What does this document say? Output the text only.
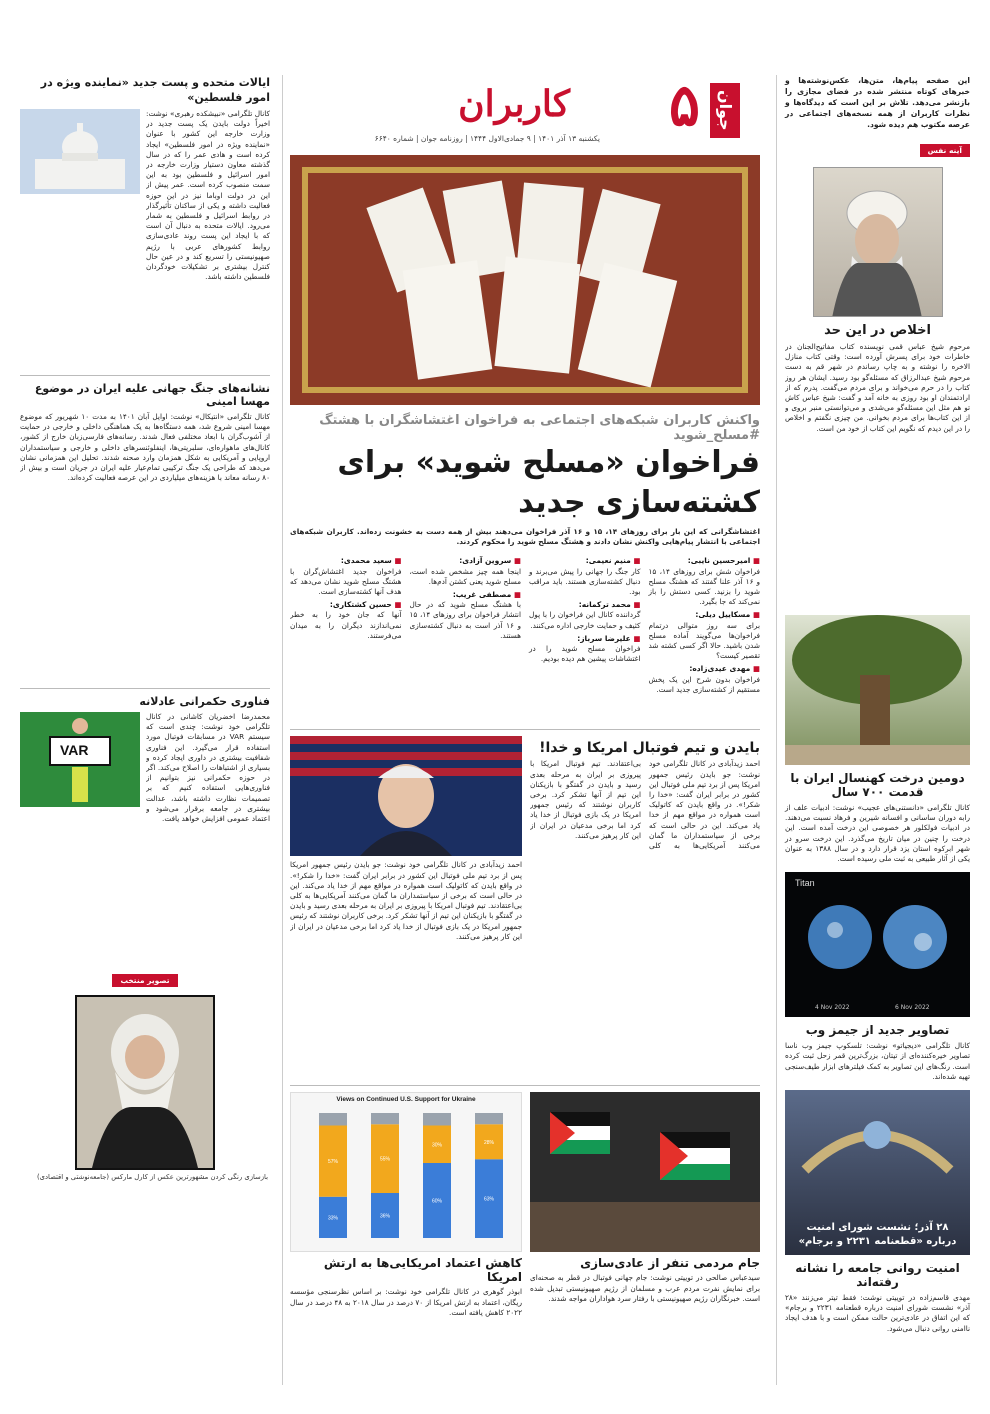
این صفحه پیام‌ها، متن‌ها، عکس‌نوشته‌ها و خبرهای کوتاه منتشر شده در فضای مجازی را بازنشر می‌دهد. تلاش بر این است که دیدگاه‌ها و نظرات کاربران از همه نسخه‌های اجتماعی در عرصه مکتوب هم دیده شود.

آینه نفس
اخلاص در این حد

مرحوم شیخ عباس قمی نویسنده کتاب مفاتیح‌الجنان در خاطرات خود برای پسرش آورده است: وقتی کتاب منازل الاخره را نوشته و به چاپ رساندم در شهر قم به دست مرحوم شیخ عبدالرزاق که مسئله‌گو بود رسید. ایشان هر روز کتاب را در حرم می‌خواند و برای مردم می‌گفت. پدرم که از ارادتمندان او بود روزی به خانه آمد و گفت: شیخ عباس کاش تو هم مثل این مسئله‌گو می‌شدی و می‌توانستی منبر بروی و از این کتاب‌ها برای مردم بخوانی. من چیزی نگفتم و اخلاص را در این دیدم که نگویم این کتاب از خود من است.

دومین درخت کهنسال ایران با قدمت ۷۰۰ سال

کانال تلگرامی «دانستنی‌های عجیب» نوشت: ادبیات علف از رابه دوران ساسانی و افسانه شیرین و فرهاد نسبت می‌دهند. در ادبیات فولکلور هر خصوصی این درخت آمده است. این درخت را چنین در میان تاریخ می‌گذرد. این درخت سرو در شهر ابرکوه استان یزد قرار دارد و در سال ۱۳۸۸ به عنوان یکی از آثار طبیعی به ثبت ملی رسیده است.

Titan
4 Nov 2022	6 Nov 2022
تصاویر جدید از جیمز وب

کانال تلگرامی «دیجیاتو» نوشت: تلسکوپ جیمز وب ناسا تصاویر خیره‌کننده‌ای از تیتان، بزرگ‌ترین قمر زحل ثبت کرده است. رنگ‌های این تصاویر به کمک فیلترهای ابزار طیف‌سنجی تهیه شده‌اند.

۲۸ آذر؛ نشست شورای امنیت درباره «قطعنامه ۲۲۳۱ و برجام»
امنیت روانی جامعه را نشانه رفته‌اند

مهدی قاسم‌زاده در توییتی نوشت: فقط تیتر می‌زنند «۲۸ آذر» نشست شورای امنیت درباره قطعنامه ۲۲۳۱ و برجام» که این اتفاق در عادی‌ترین حالت ممکن است و با هدف ایجاد ناامنی روانی دنبال می‌شود.

جوان
۵
کاربران
یکشنبه ۱۳ آذر ۱۴۰۱ | ۹ جمادی‌الاول ۱۴۴۴ | روزنامه جوان | شماره ۶۶۴۰
واکنش کاربران شبکه‌های اجتماعی به فراخوان اغتشاشگران با هشتگ #مسلح_شوید
فراخوان «مسلح شوید» برای کشته‌سازی جدید

اغتشاشگرانی که این بار برای روزهای ۱۴، ۱۵ و ۱۶ آذر فراخوان می‌دهند بیش از همه دست به خشونت زده‌اند. کاربران شبکه‌های اجتماعی با انتشار پیام‌هایی واکنش نشان دادند و هشتگ مسلح شوید را محکوم کردند.

■ امیرحسین نایبی:
فراخوان شش برای روزهای ۱۴، ۱۵ و ۱۶ آذر علنا گفتند که هشتگ مسلح شوید را بزنید. کسی دستش را باز نمی‌کند که جا بگیرد.
■ مسکاییل دیلی:
برای سه روز متوالی درتمام فراخوان‌ها می‌گویند آماده مسلح شدن باشید. حالا اگر کسی کشته شد تقصیر کیست؟
■ مهدی عیدی‌زاده:
فراخوان بدون شرح این یک پخش مستقیم از کشته‌سازی جدید است.
■ منیم نعیمی:
کار جنگ را جهانی را پیش می‌برند و دنبال کشته‌سازی هستند. باید مراقب بود.
■ محمد ترکمانه:
گرداننده کانال این فراخوان را با پول کثیف و حمایت خارجی اداره می‌کنند.
■ علیرضا سرباز:
فراخوان مسلح شوید را در اغتشاشات پیشین هم دیده بودیم.
■ سروین آزادی:
اینجا همه چیز مشخص شده است، مسلح شوید یعنی کشتن آدم‌ها.
■ مصطفی غریب:
با هشتگ مسلح شوید که در حال انتشار فراخوان برای روزهای ۱۴، ۱۵ و ۱۶ آذر است به دنبال کشته‌سازی هستند.
■ سعید محمدی:
فراخوان جدید اغتشاش‌گران با هشتگ مسلح شوید نشان می‌دهد که هدف آنها کشته‌سازی است.
■ حسین کشتکاری:
آنها که جان خود را به خطر نمی‌اندازند دیگران را به میدان می‌فرستند.
بایدن و تیم فوتبال امریکا و خدا!

احمد زیدآبادی در کانال تلگرامی خود نوشت: جو بایدن رئیس جمهور امریکا پس از برد تیم ملی فوتبال این کشور در برابر ایران گفت: «خدا را شکر!». در واقع بایدن که کاتولیک است همواره در مواقع مهم از خدا یاد می‌کند. این در حالی است که برخی از سیاستمداران ما گمان می‌کنند آمریکایی‌ها به کلی بی‌اعتقادند. تیم فوتبال امریکا با پیروزی بر ایران به مرحله بعدی رسید و بایدن در گفتگو با بازیکنان این تیم از آنها تشکر کرد. برخی کاربران نوشتند که رئیس جمهور امریکا در یک بازی فوتبال از خدا یاد کرد اما برخی مدعیان در ایران از این کار پرهیز می‌کنند.

احمد زیدآبادی در کانال تلگرامی خود نوشت: جو بایدن رئیس جمهور امریکا پس از برد تیم ملی فوتبال این کشور در برابر ایران گفت: «خدا را شکر!». در واقع بایدن که کاتولیک است همواره در مواقع مهم از خدا یاد می‌کند. این در حالی است که برخی از سیاستمداران ما گمان می‌کنند آمریکایی‌ها به کلی بی‌اعتقادند. تیم فوتبال امریکا با پیروزی بر ایران به مرحله بعدی رسید و بایدن در گفتگو با بازیکنان این تیم از آنها تشکر کرد. برخی کاربران نوشتند که رئیس جمهور امریکا در یک بازی فوتبال از خدا یاد کرد اما برخی مدعیان در ایران از این کار پرهیز می‌کنند.

جام مردمی تنفر از عادی‌سازی

سیدعباس صالحی در توییتی نوشت: جام جهانی فوتبال در قطر به صحنه‌ای برای نمایش نفرت مردم عرب و مسلمان از رژیم صهیونیستی تبدیل شده است. خبرنگاران رژیم صهیونیستی با رفتار سرد هواداران مواجه شدند.

Views on Continued U.S. Support for Ukraine
33%
57%
36%
55%
60%
30%
63%
28%
کاهش اعتماد امریکایی‌ها به ارتش امریکا

ابوذر گوهری در کانال تلگرامی خود نوشت: بر اساس نظرسنجی مؤسسه ریگان، اعتماد به ارتش امریکا از ۷۰ درصد در سال ۲۰۱۸ به ۴۸ درصد در سال ۲۰۲۲ کاهش یافته است.

ایالات متحده و پست جدید «نماینده ویژه در امور فلسطین»

کانال تلگرامی «نبیشکده رهبری» نوشت: اخیراً دولت بایدن یک پست جدید در وزارت خارجه این کشور با عنوان «نماینده ویژه در امور فلسطین» ایجاد کرده است و هادی عمر را که در سال گذشته معاون دستیار وزارت خارجه در امور اسرائیل و فلسطین بود به این سمت منصوب کرده است. عمر پیش از این در دولت اوباما نیز در این حوزه فعالیت داشته و یکی از ساکنان تأثیرگذار در روابط اسرائیل و فلسطین به شمار می‌رود. ایالات متحده به دنبال آن است که با ایجاد این پست روند عادی‌سازی روابط کشورهای عربی با رژیم صهیونیستی را تسریع کند و در عین حال کنترل بیشتری بر تشکیلات خودگردان فلسطین داشته باشد.

نشانه‌های جنگ جهانی علیه ایران در موضوع مهسا امینی

کانال تلگرامی «انتیکال» نوشت: اوایل آبان ۱۴۰۱ به مدت ۱۰ شهریور که موضوع مهسا امینی شروع شد، همه دستگاه‌ها به یک هماهنگی داخلی و خارجی در حمایت از آشوب‌گران با ابعاد مختلفی فعال شدند. رسانه‌های فارسی‌زبان خارج از کشور، کانال‌های ماهواره‌ای، سلبریتی‌ها، اینفلوئنسرهای داخلی و خارجی و سیاستمداران اروپایی و آمریکایی به شکل همزمان وارد صحنه شدند. تحلیل این همزمانی نشان می‌دهد که طراحی یک جنگ ترکیبی تمام‌عیار علیه ایران در جریان است و بیش از ۸۰ رسانه معاند با هزینه‌های میلیاردی در این عرصه فعالیت کرده‌اند.

فناوری حکمرانی عادلانه
VAR

محمدرضا اخضریان کاشانی در کانال تلگرامی خود نوشت: چندی است که سیستم VAR در مسابقات فوتبال مورد استفاده قرار می‌گیرد. این فناوری شفافیت بیشتری در داوری ایجاد کرده و بسیاری از اشتباهات را اصلاح می‌کند. اگر در حوزه حکمرانی نیز بتوانیم از فناوری‌هایی استفاده کنیم که بر تصمیمات نظارت داشته باشد، عدالت بیشتری در جامعه برقرار می‌شود و اعتماد عمومی افزایش خواهد یافت.

تصویر منتخب

بازسازی رنگی کردن مشهورترین عکس از کارل مارکس (جامعه‌نوشتی و اقتصادی)
